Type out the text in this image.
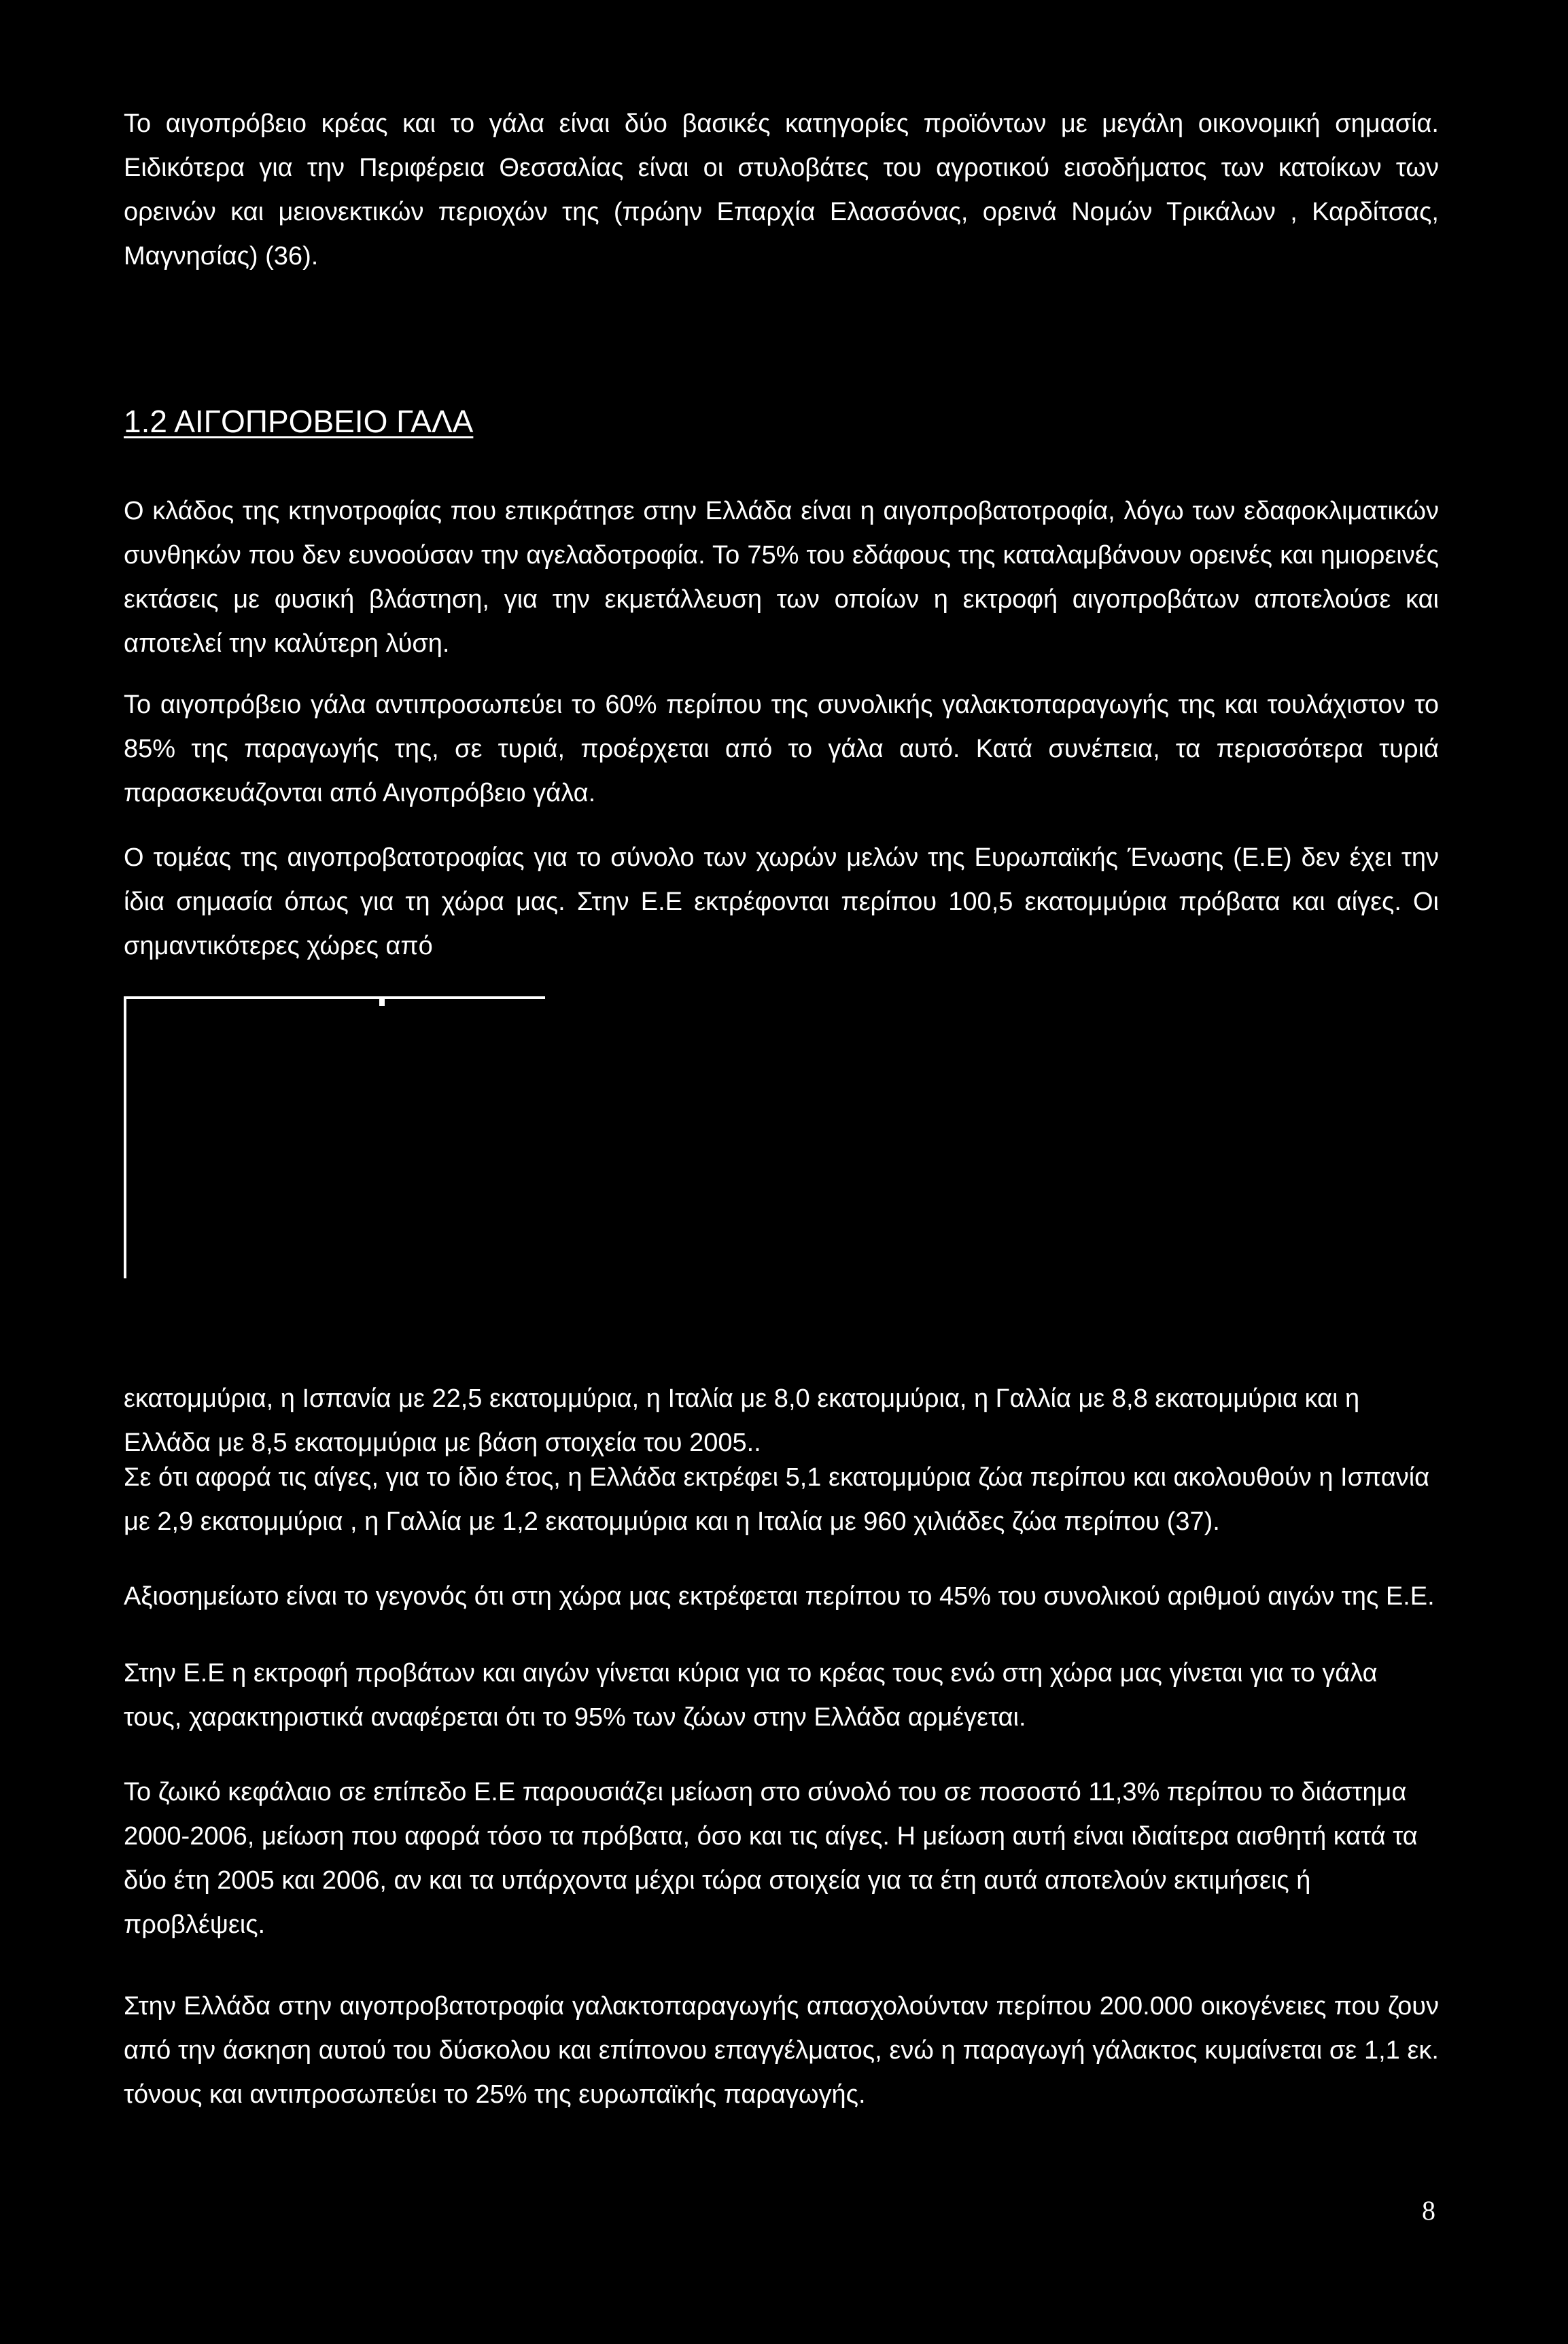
Το αιγοπρόβειο κρέας και το γάλα είναι δύο βασικές κατηγορίες προϊόντων με μεγάλη οικονομική σημασία. Ειδικότερα για την Περιφέρεια Θεσσαλίας είναι οι στυλοβάτες του αγροτικού εισοδήματος των κατοίκων των ορεινών και μειονεκτικών περιοχών της (πρώην Επαρχία Ελασσόνας, ορεινά Νομών Τρικάλων , Καρδίτσας, Μαγνησίας) (36).

1.2 ΑΙΓΟΠΡΟΒΕΙΟ ΓΑΛΑ

Ο κλάδος της κτηνοτροφίας που επικράτησε στην Ελλάδα είναι η αιγοπροβατοτροφία, λόγω των εδαφοκλιματικών συνθηκών που δεν ευνοούσαν την αγελαδοτροφία. Το 75% του εδάφους της καταλαμβάνουν ορεινές και ημιορεινές εκτάσεις με φυσική βλάστηση, για την εκμετάλλευση των οποίων η εκτροφή αιγοπροβάτων αποτελούσε και αποτελεί την καλύτερη λύση.

Το αιγοπρόβειο γάλα αντιπροσωπεύει το 60% περίπου της συνολικής γαλακτοπαραγωγής της και τουλάχιστον το 85% της παραγωγής της, σε τυριά, προέρχεται από το γάλα αυτό. Κατά συνέπεια, τα περισσότερα τυριά παρασκευάζονται από Αιγοπρόβειο γάλα.

Ο τομέας της αιγοπροβατοτροφίας για το σύνολο των χωρών μελών της Ευρωπαϊκής Ένωσης (Ε.Ε) δεν έχει την ίδια σημασία όπως για τη χώρα μας. Στην Ε.Ε εκτρέφονται περίπου 100,5 εκατομμύρια πρόβατα και αίγες. Οι σημαντικότερες χώρες από

εκατομμύρια, η Ισπανία με 22,5 εκατομμύρια, η Ιταλία με 8,0 εκατομμύρια, η Γαλλία με 8,8 εκατομμύρια και η Ελλάδα με 8,5 εκατομμύρια με βάση στοιχεία του 2005..

Σε ότι αφορά τις αίγες, για το ίδιο έτος, η Ελλάδα εκτρέφει 5,1 εκατομμύρια ζώα περίπου και ακολουθούν η Ισπανία με 2,9 εκατομμύρια , η Γαλλία με 1,2 εκατομμύρια και η Ιταλία με 960 χιλιάδες ζώα περίπου (37).

Αξιοσημείωτο είναι το γεγονός ότι στη χώρα μας εκτρέφεται περίπου το 45% του συνολικού αριθμού αιγών της Ε.Ε.

Στην Ε.Ε η εκτροφή προβάτων και αιγών γίνεται κύρια για το κρέας τους ενώ στη χώρα μας γίνεται για το γάλα τους, χαρακτηριστικά αναφέρεται ότι το 95% των ζώων στην Ελλάδα αρμέγεται.

Το ζωικό κεφάλαιο σε επίπεδο Ε.Ε παρουσιάζει μείωση στο σύνολό του σε ποσοστό 11,3% περίπου το διάστημα 2000-2006, μείωση που αφορά τόσο τα πρόβατα, όσο και τις αίγες. Η μείωση αυτή είναι ιδιαίτερα αισθητή κατά τα δύο έτη 2005 και 2006, αν και τα υπάρχοντα μέχρι τώρα στοιχεία για τα έτη αυτά αποτελούν εκτιμήσεις ή προβλέψεις.

Στην Ελλάδα στην αιγοπροβατοτροφία γαλακτοπαραγωγής απασχολούνταν περίπου 200.000 οικογένειες που ζουν από την άσκηση αυτού του δύσκολου και επίπονου επαγγέλματος, ενώ η παραγωγή γάλακτος κυμαίνεται σε 1,1 εκ. τόνους και αντιπροσωπεύει το 25% της ευρωπαϊκής παραγωγής.

8
